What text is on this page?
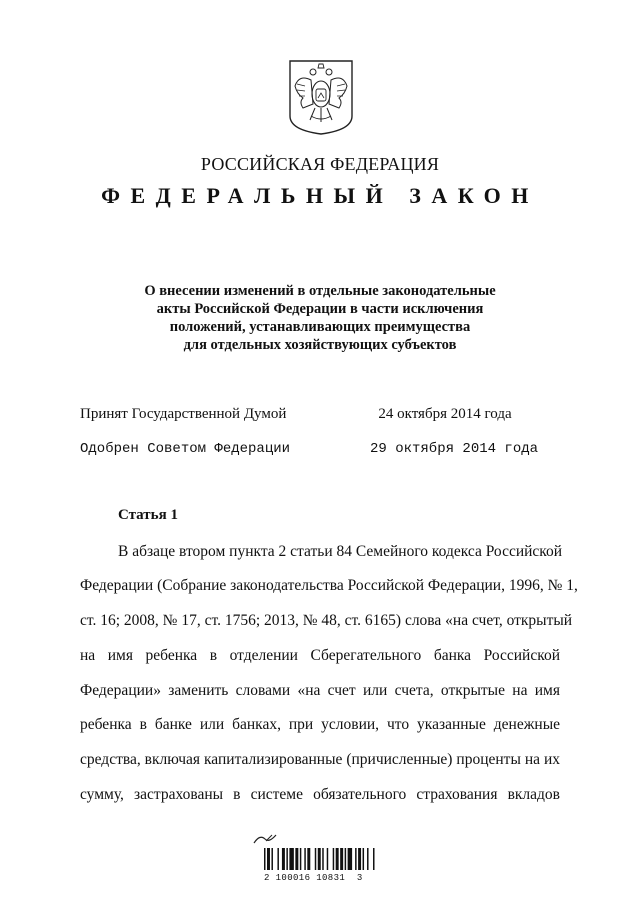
РОССИЙСКАЯ ФЕДЕРАЦИЯ
ФЕДЕРАЛЬНЫЙ ЗАКОН
О внесении изменений в отдельные законодательные
акты Российской Федерации в части исключения
положений, устанавливающих преимущества
для отдельных хозяйствующих субъектов
Принят Государственной Думой	24 октября 2014 года
Одобрен Советом Федерации	29 октября 2014 года
Статья 1
В абзаце втором пункта 2 статьи 84 Семейного кодекса Российской
Федерации (Собрание законодательства Российской Федерации, 1996, № 1,
ст. 16; 2008, № 17, ст. 1756; 2013, № 48, ст. 6165) слова «на счет, открытый
на имя ребенка в отделении Сберегательного банка Российской
Федерации» заменить словами «на счет или счета, открытые на имя
ребенка в банке или банках, при условии, что указанные денежные
средства, включая капитализированные (причисленные) проценты на их
сумму, застрахованы в системе обязательного страхования вкладов
2 100016 10831  3
